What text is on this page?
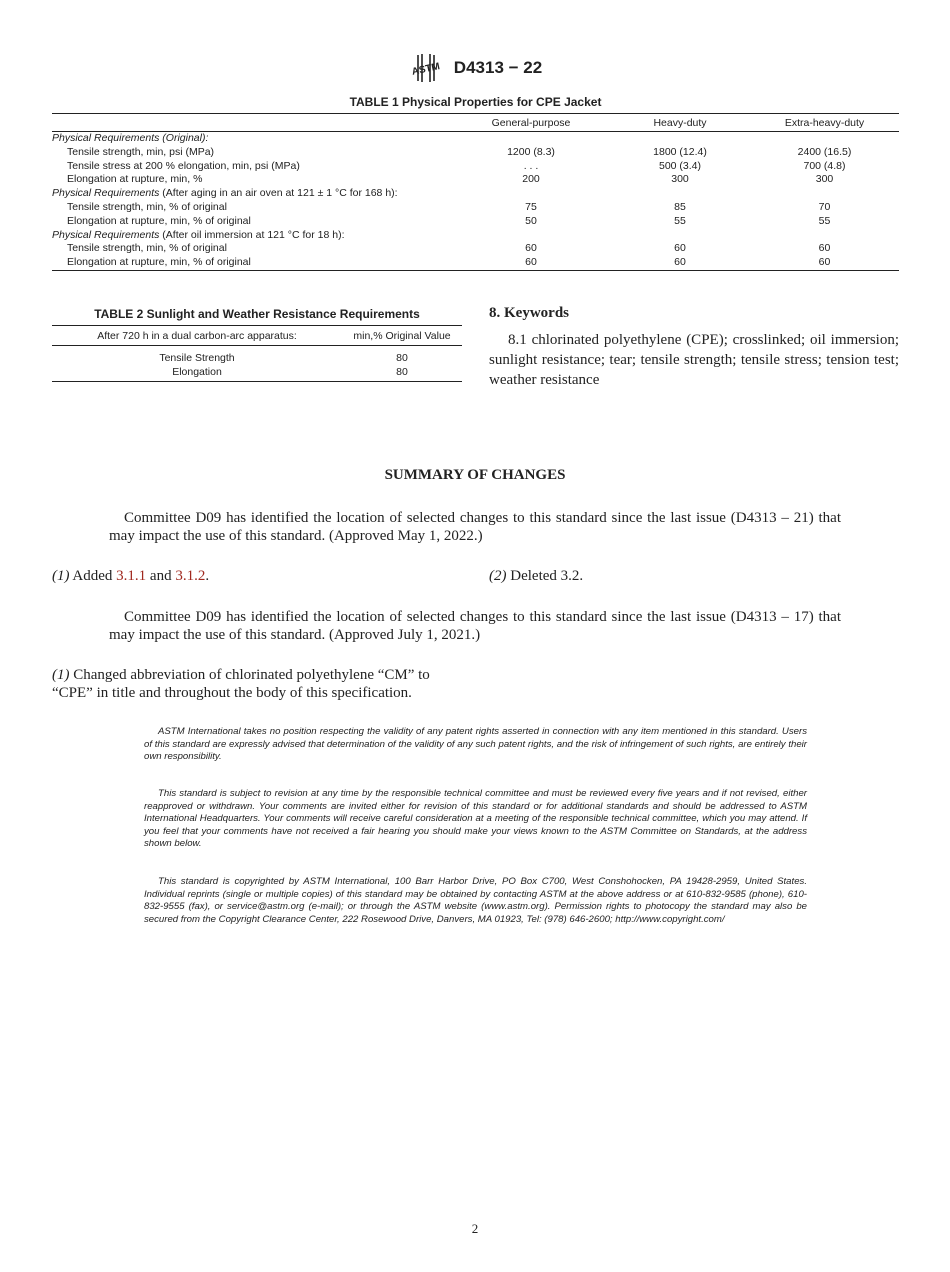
ASTM D4313 − 22
TABLE 1 Physical Properties for CPE Jacket
	General-purpose	Heavy-duty	Extra-heavy-duty
Physical Requirements (Original):			
Tensile strength, min, psi (MPa)	1200 (8.3)	1800 (12.4)	2400 (16.5)
Tensile stress at 200 % elongation, min, psi (MPa)	. . .	500 (3.4)	700 (4.8)
Elongation at rupture, min, %	200	300	300
Physical Requirements (After aging in an air oven at 121 ± 1 °C for 168 h):			
Tensile strength, min, % of original	75	85	70
Elongation at rupture, min, % of original	50	55	55
Physical Requirements (After oil immersion at 121 °C for 18 h):			
Tensile strength, min, % of original	60	60	60
Elongation at rupture, min, % of original	60	60	60
TABLE 2 Sunlight and Weather Resistance Requirements
After 720 h in a dual carbon-arc apparatus:	min,% Original Value
Tensile Strength	80
Elongation	80
8. Keywords

8.1 chlorinated polyethylene (CPE); crosslinked; oil immersion; sunlight resistance; tear; tensile strength; tensile stress; tension test; weather resistance

SUMMARY OF CHANGES
Committee D09 has identified the location of selected changes to this standard since the last issue (D4313 – 21) that may impact the use of this standard. (Approved May 1, 2022.)
(1) Added 3.1.1 and 3.1.2.	(2) Deleted 3.2.
Committee D09 has identified the location of selected changes to this standard since the last issue (D4313 – 17) that may impact the use of this standard. (Approved July 1, 2021.)
(1) Changed abbreviation of chlorinated polyethylene “CM” to
“CPE” in title and throughout the body of this specification.
ASTM International takes no position respecting the validity of any patent rights asserted in connection with any item mentioned in this standard. Users of this standard are expressly advised that determination of the validity of any such patent rights, and the risk of infringement of such rights, are entirely their own responsibility.
This standard is subject to revision at any time by the responsible technical committee and must be reviewed every five years and if not revised, either reapproved or withdrawn. Your comments are invited either for revision of this standard or for additional standards and should be addressed to ASTM International Headquarters. Your comments will receive careful consideration at a meeting of the responsible technical committee, which you may attend. If you feel that your comments have not received a fair hearing you should make your views known to the ASTM Committee on Standards, at the address shown below.
This standard is copyrighted by ASTM International, 100 Barr Harbor Drive, PO Box C700, West Conshohocken, PA 19428-2959, United States. Individual reprints (single or multiple copies) of this standard may be obtained by contacting ASTM at the above address or at 610-832-9585 (phone), 610-832-9555 (fax), or service@astm.org (e-mail); or through the ASTM website (www.astm.org). Permission rights to photocopy the standard may also be secured from the Copyright Clearance Center, 222 Rosewood Drive, Danvers, MA 01923, Tel: (978) 646-2600; http://www.copyright.com/
2
